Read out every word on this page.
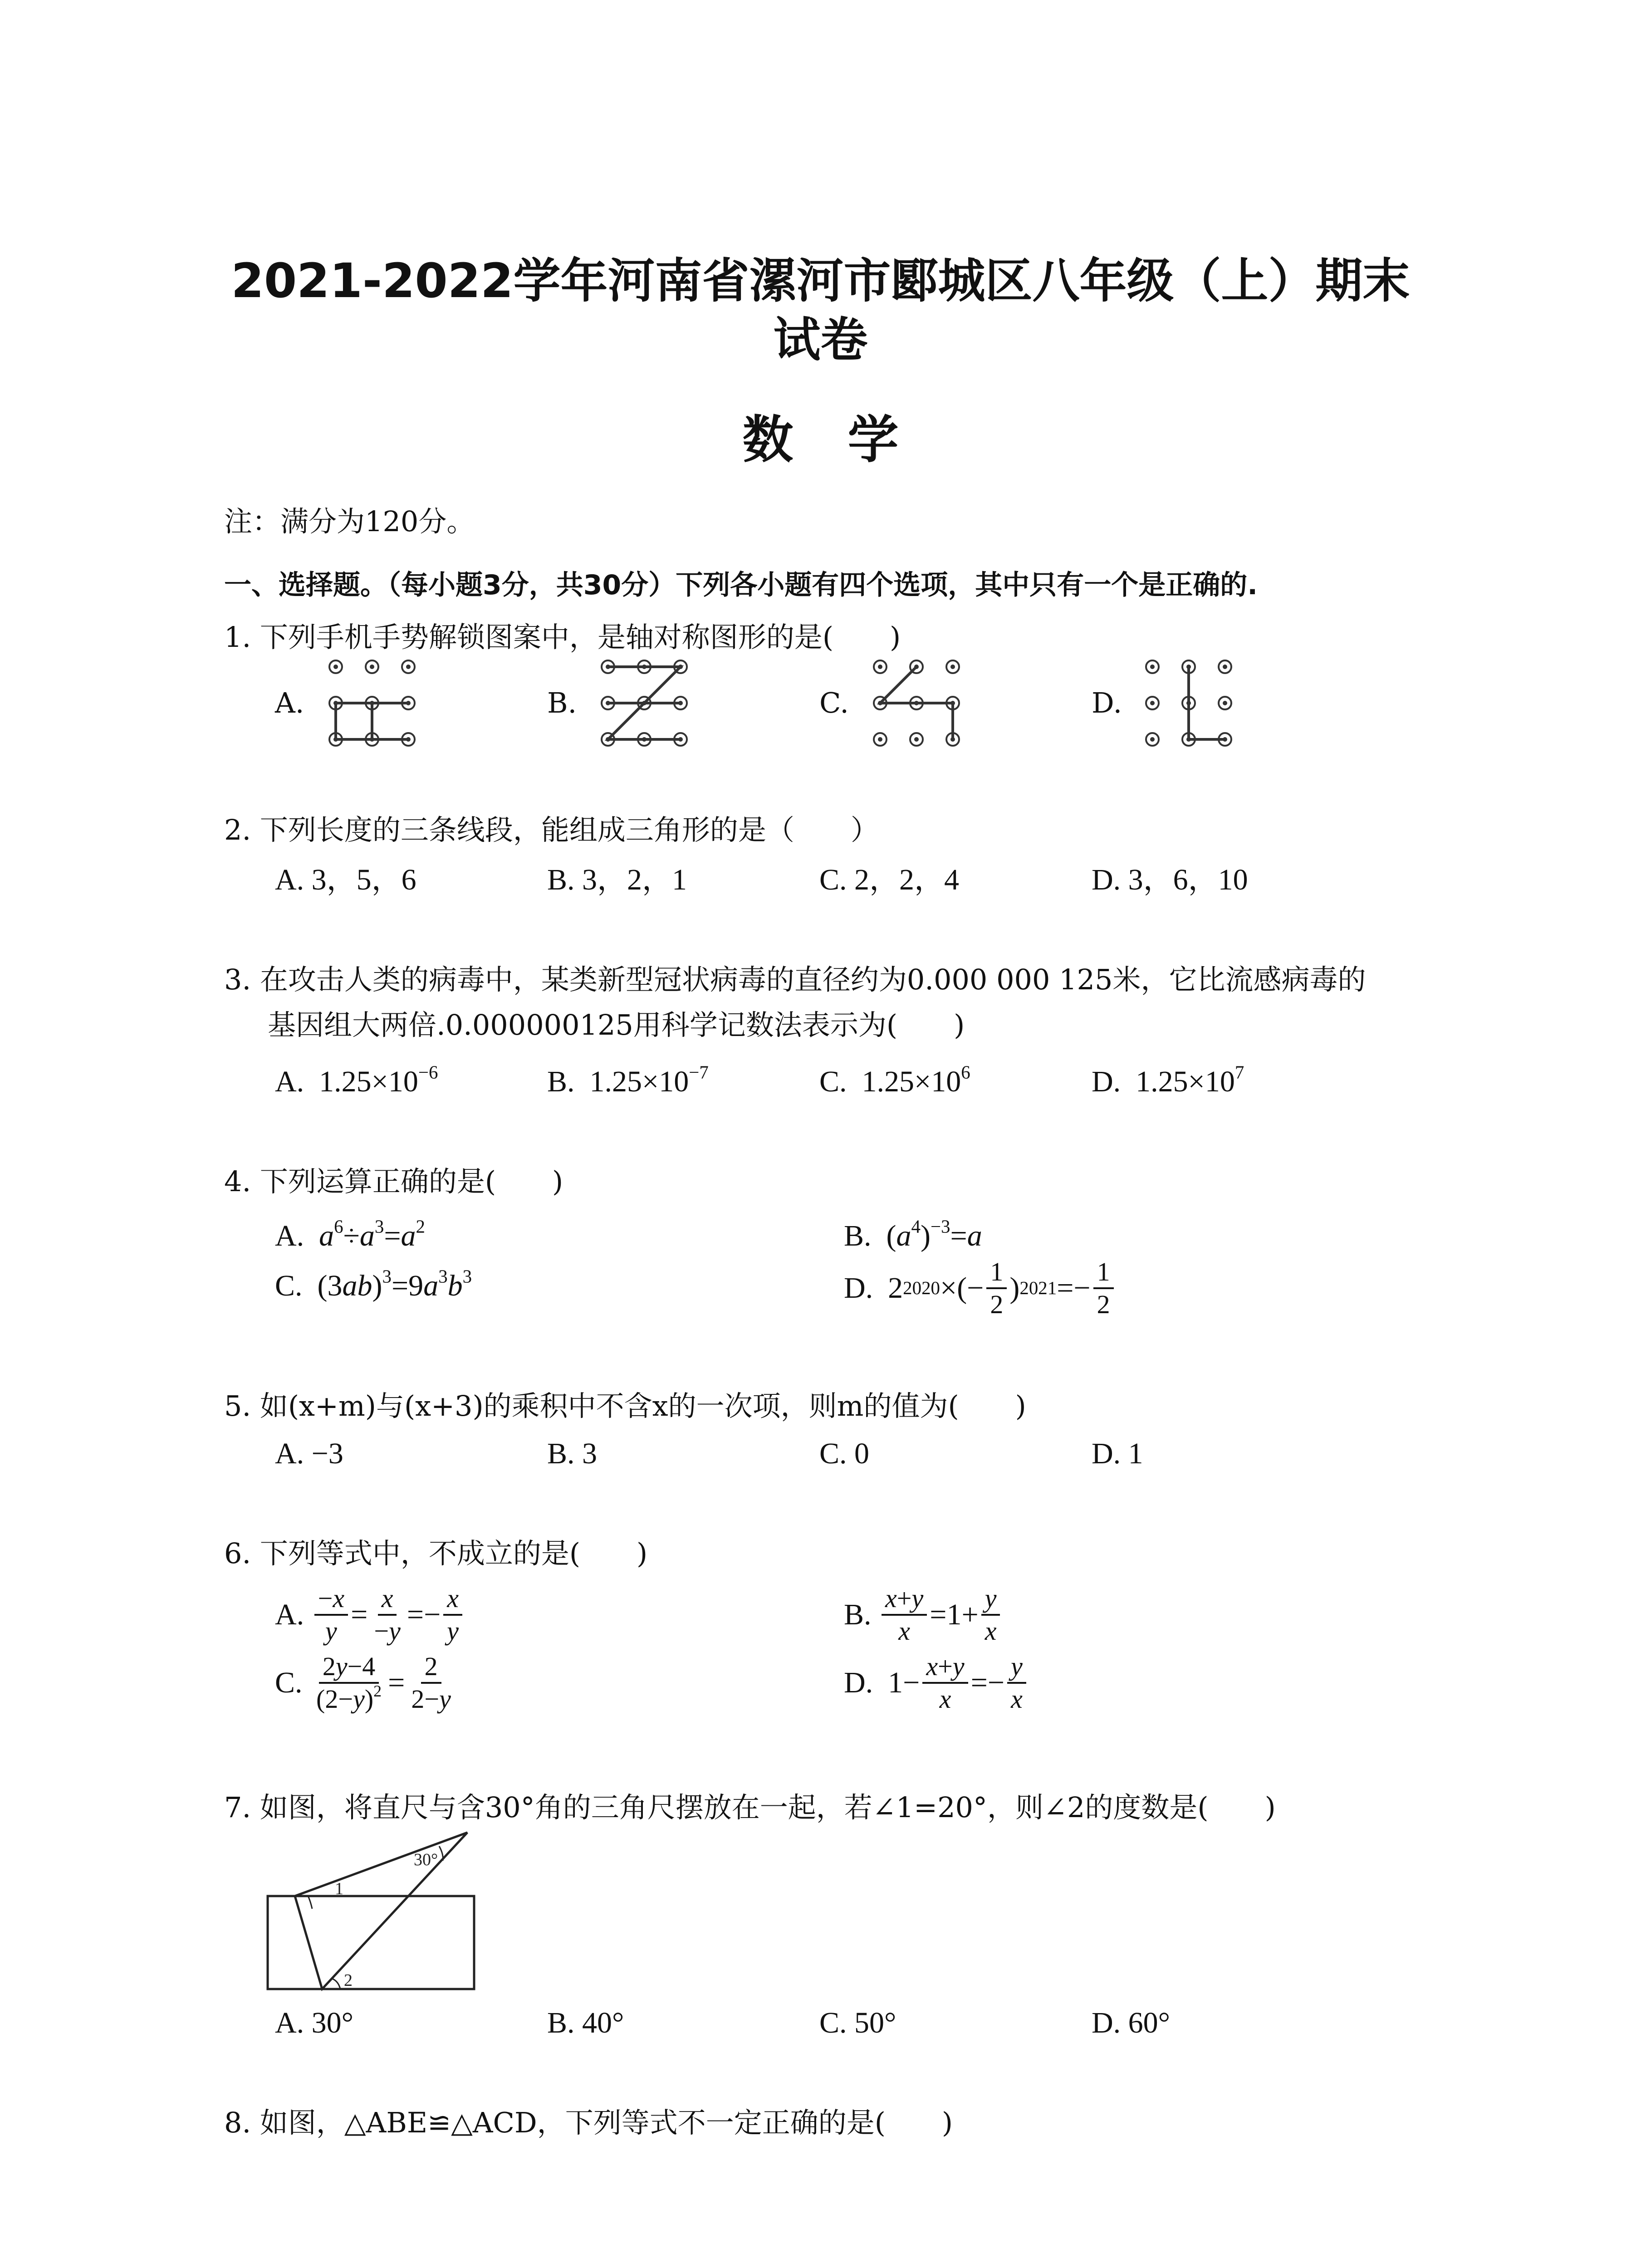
2021-2022学年河南省漯河市郾城区八年级（上）期末
试卷
数学
注：满分为120分。
一、选择题。（每小题3分，共30分）下列各小题有四个选项，其中只有一个是正确的.
1. 下列手机手势解锁图案中，是轴对称图形的是(　　)
A.	B.	C.	D.
2. 下列长度的三条线段，能组成三角形的是（　　）
A. 3，5，6	B. 3，2，1	C. 2，2，4	D. 3，6，10
3. 在攻击人类的病毒中，某类新型冠状病毒的直径约为0.000 000 125米，它比流感病毒的
基因组大两倍.0.000000125用科学记数法表示为(　　)
A. $1.25\times 10^{-6}$	B. $1.25\times 10^{-7}$	C. $1.25\times 10^6$	D. $1.25\times 10^7$
4. 下列运算正确的是(　　)
A. $a^6\div a^3=a^2$	B.  $(a^4)^{-3}=a$
C.  $(3ab)^3=9a^3b^3$	D. 2 2020 ×(− $\frac{1}{2}$ ) $2021 =- \frac{1}{2}$
5. 如(x+m)与(x+3)的乘积中不含x的一次项，则m的值为(　　)
A. −3	B. 3	C. 0	D. 1
6. 下列等式中，不成立的是(　　)
A.
$\frac{-x}{y} = \frac{x}{-y} =- \frac{x}{y}$	B.
$\frac{x+y}{x} =1+ \frac{y}{x}$
C.
$\frac{2y-4}{(2-y)^2} = \frac{2}{2-y}$	D. $1- \frac{x+y}{x} =- \frac{y}{x}$
7. 如图，将直尺与含30°角的三角尺摆放在一起，若∠1=20°，则∠2的度数是(　　)
30°
1
2
A. 30°	B. 40°	C. 50°	D. 60°
8. 如图，△ABE≌△ACD，下列等式不一定正确的是(　　)
